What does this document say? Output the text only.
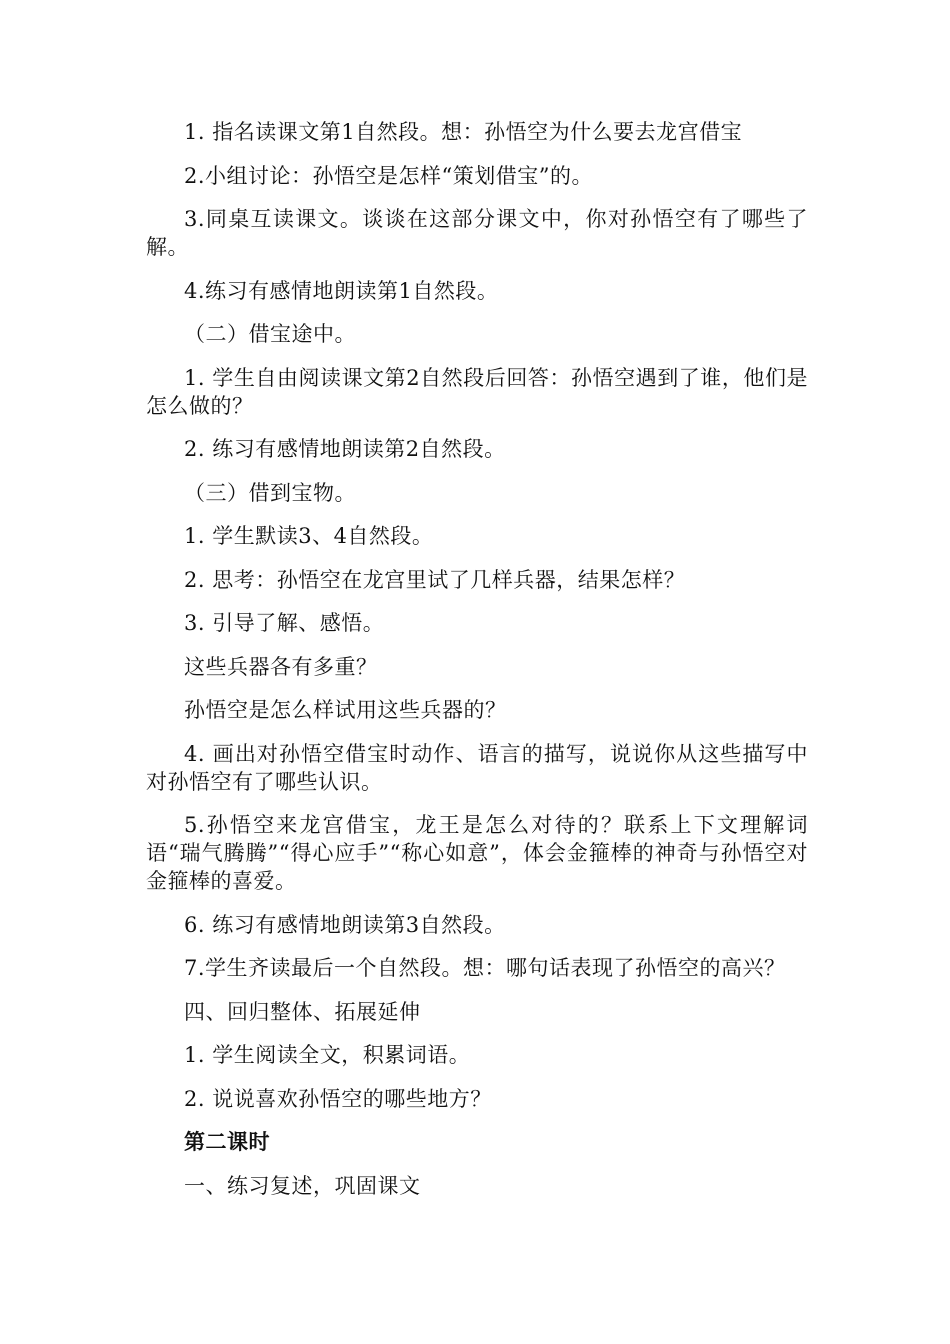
1. 指名读课文第1自然段。想：孙悟空为什么要去龙宫借宝

2.小组讨论：孙悟空是怎样“策划借宝”的。

3.同桌互读课文。谈谈在这部分课文中，你对孙悟空有了哪些了解。

4.练习有感情地朗读第1自然段。

（二）借宝途中。

1. 学生自由阅读课文第2自然段后回答：孙悟空遇到了谁，他们是怎么做的？

2. 练习有感情地朗读第2自然段。

（三）借到宝物。

1. 学生默读3、4自然段。

2. 思考：孙悟空在龙宫里试了几样兵器，结果怎样？

3. 引导了解、感悟。

这些兵器各有多重？

孙悟空是怎么样试用这些兵器的？

4. 画出对孙悟空借宝时动作、语言的描写，说说你从这些描写中对孙悟空有了哪些认识。

5.孙悟空来龙宫借宝，龙王是怎么对待的？联系上下文理解词语“瑞气腾腾”“得心应手”“称心如意”，体会金箍棒的神奇与孙悟空对金箍棒的喜爱。

6. 练习有感情地朗读第3自然段。

7.学生齐读最后一个自然段。想：哪句话表现了孙悟空的高兴？

四、回归整体、拓展延伸

1. 学生阅读全文，积累词语。

2. 说说喜欢孙悟空的哪些地方？

第二课时

一、练习复述，巩固课文
